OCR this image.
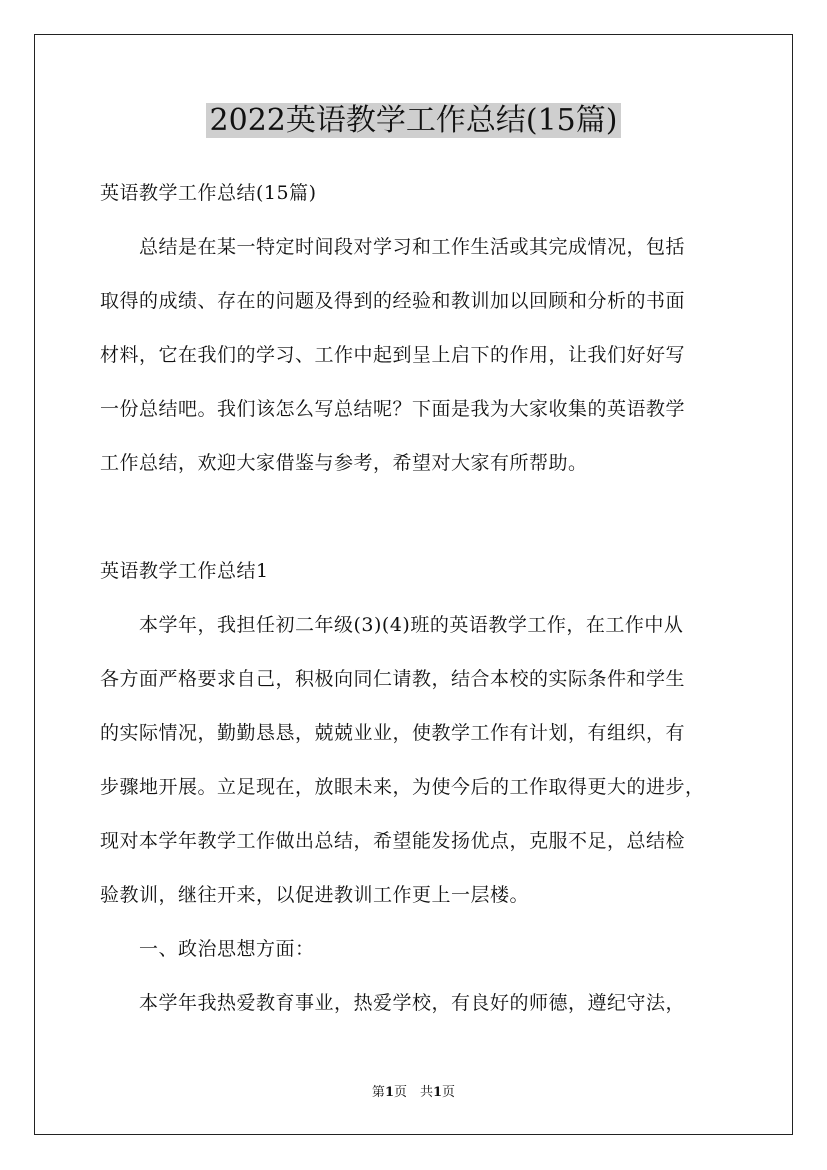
2022英语教学工作总结(15篇)
英语教学工作总结(15篇)
　　总结是在某一特定时间段对学习和工作生活或其完成情况，包括
取得的成绩、存在的问题及得到的经验和教训加以回顾和分析的书面
材料，它在我们的学习、工作中起到呈上启下的作用，让我们好好写
一份总结吧。我们该怎么写总结呢？下面是我为大家收集的英语教学
工作总结，欢迎大家借鉴与参考，希望对大家有所帮助。
英语教学工作总结1
　　本学年，我担任初二年级(3)(4)班的英语教学工作，在工作中从
各方面严格要求自己，积极向同仁请教，结合本校的实际条件和学生
的实际情况，勤勤恳恳，兢兢业业，使教学工作有计划，有组织，有
步骤地开展。立足现在，放眼未来，为使今后的工作取得更大的进步，
现对本学年教学工作做出总结，希望能发扬优点，克服不足，总结检
验教训，继往开来，以促进教训工作更上一层楼。
　　一、政治思想方面：
　　本学年我热爱教育事业，热爱学校，有良好的师德，遵纪守法，
第1页　共1页
